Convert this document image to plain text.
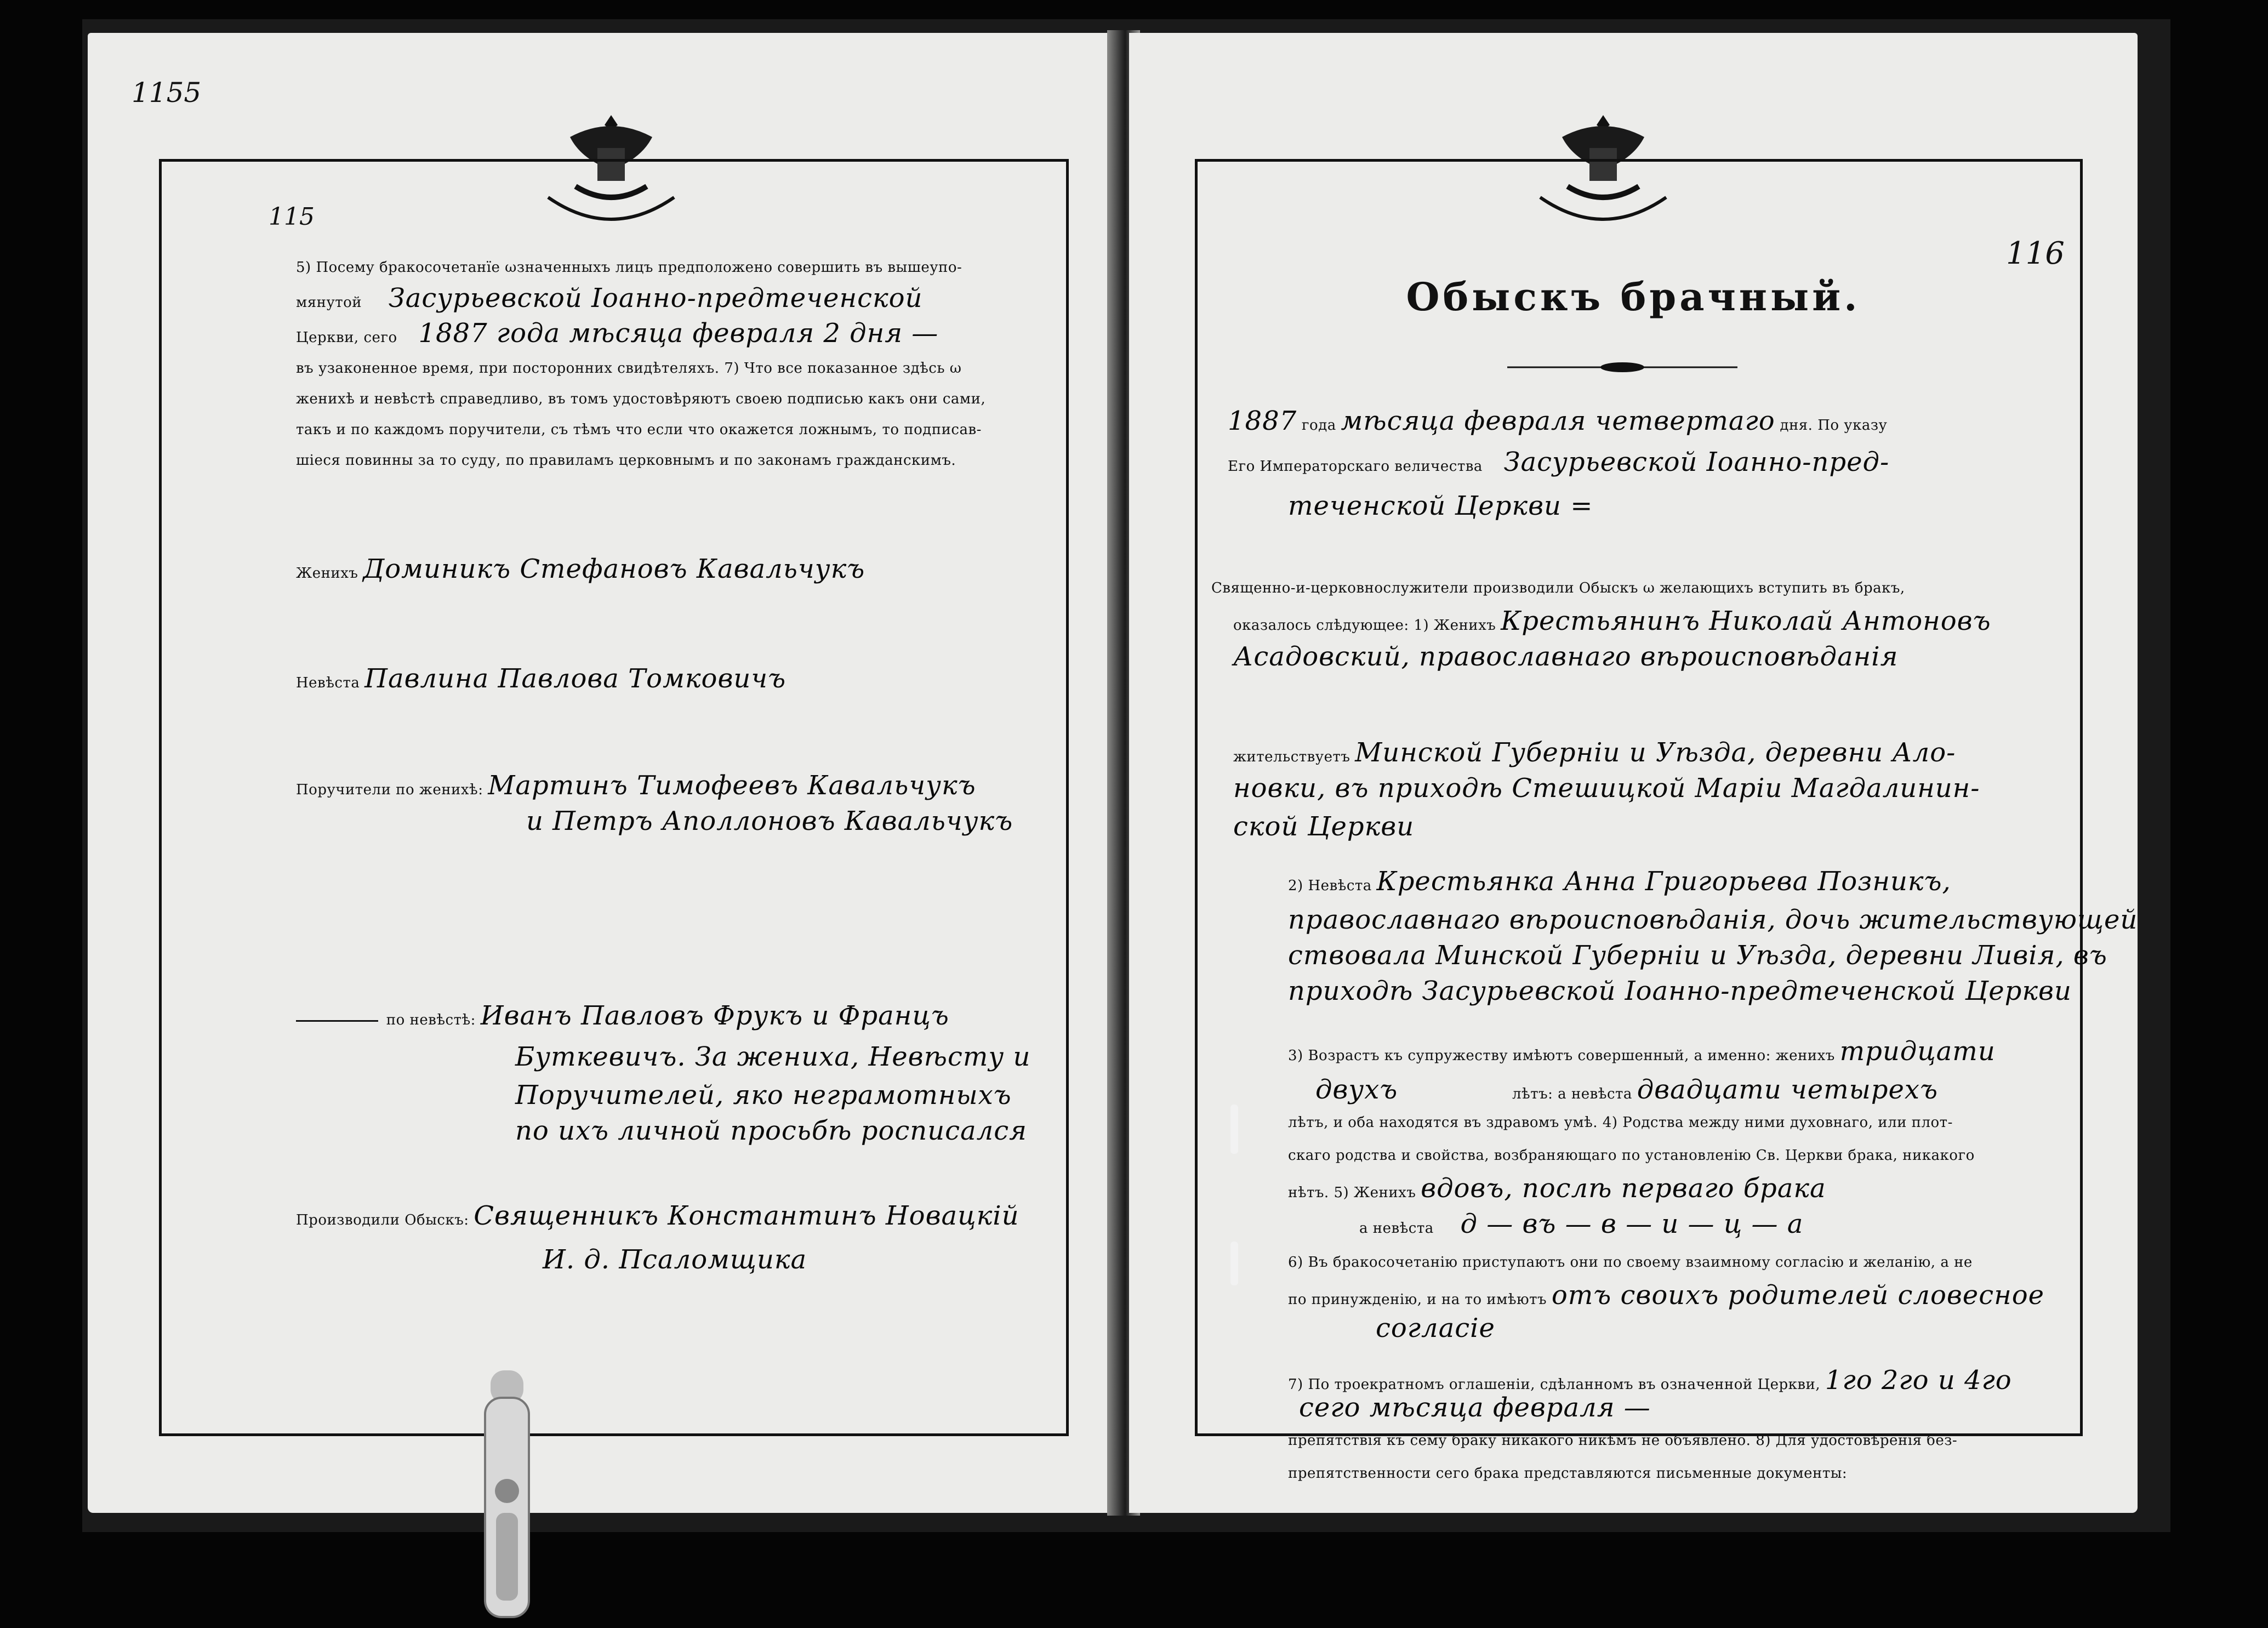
1155
115
5) Посему бракосочетанїе ωзначенныхъ лицъ предположено совершить въ вышеупо-
мянутой Засурьевской Іоанно-предтеченской
Церкви, сего 1887 года мѣсяца февраля 2 дня —
въ узаконенное время, при посторонних свидѣтеляхъ. 7) Что все показанное здѣсь ω
женихѣ и невѣстѣ справедливо, въ томъ удостовѣряютъ своею подписью какъ они сами,
такъ и по каждомъ поручители, съ тѣмъ что если что окажется ложнымъ, то подписав-
шiеся повинны за то суду, по правиламъ церковнымъ и по законамъ гражданскимъ.
Женихъ Доминикъ Стефановъ Кавальчукъ
Невѣста Павлина Павлова Томковичъ
Поручители по женихѣ: Мартинъ Тимофеевъ Кавальчукъ
и Петръ Аполлоновъ Кавальчукъ
по невѣстѣ: Иванъ Павловъ Фрукъ и Францъ
Буткевичъ. За жениха, Невѣсту и
Поручителей, яко неграмотныхъ
по ихъ личной просьбѣ росписался
Производили Обыскъ: Священникъ Константинъ Новацкiй
И. д. Псаломщика
116
Обыскъ брачный.
1887 года мѣсяца февраля четвертаго дня. По указу
Его Императорскаго величества Засурьевской Іоанно-пред-
теченской Церкви =
Священно-и-церковнослужители производили Обыскъ ω желающихъ вступить въ бракъ,
оказалось слѣдующее: 1) Женихъ Крестьянинъ Николай Антоновъ
Асадовский, православнаго вѣроисповѣданiя
жительствуетъ Минской Губернiи и Уѣзда, деревни Ало-
новки, въ приходѣ Стешицкой Марiи Магдалинин-
ской Церкви
2) Невѣста Крестьянка Анна Григорьева Позникъ,
православнаго вѣроисповѣданiя, дочь жительствующей
ствовала Минской Губернiи и Уѣзда, деревни Ливiя, въ
приходѣ Засурьевской Іоанно-предтеченской Церкви
3) Возрастъ къ супружеству имѣютъ совершенный, а именно: женихъ тридцати
двухъ	лѣтъ: а невѣста двадцати четырехъ
лѣтъ, и оба находятся въ здравомъ умѣ. 4) Родства между ними духовнаго, или плот-
скаго родства и свойства, возбраняющаго по установленiю Св. Церкви брака, никакого
нѣтъ. 5) Женихъ вдовъ, послѣ перваго брака
а невѣста д — въ — в — и — ц — а
6) Въ бракосочетанiю приступаютъ они по своему взаимному согласiю и желанiю, а не
по принужденiю, и на то имѣютъ отъ своихъ родителей словесное
согласiе
7) По троекратномъ оглашенiи, сдѣланномъ въ означенной Церкви, 1го 2го и 4го
сего мѣсяца февраля —
препятствiя къ сему браку никакого никѣмъ не объявлено. 8) Для удостовѣренiя без-
препятственности сего брака представляются письменные документы:
